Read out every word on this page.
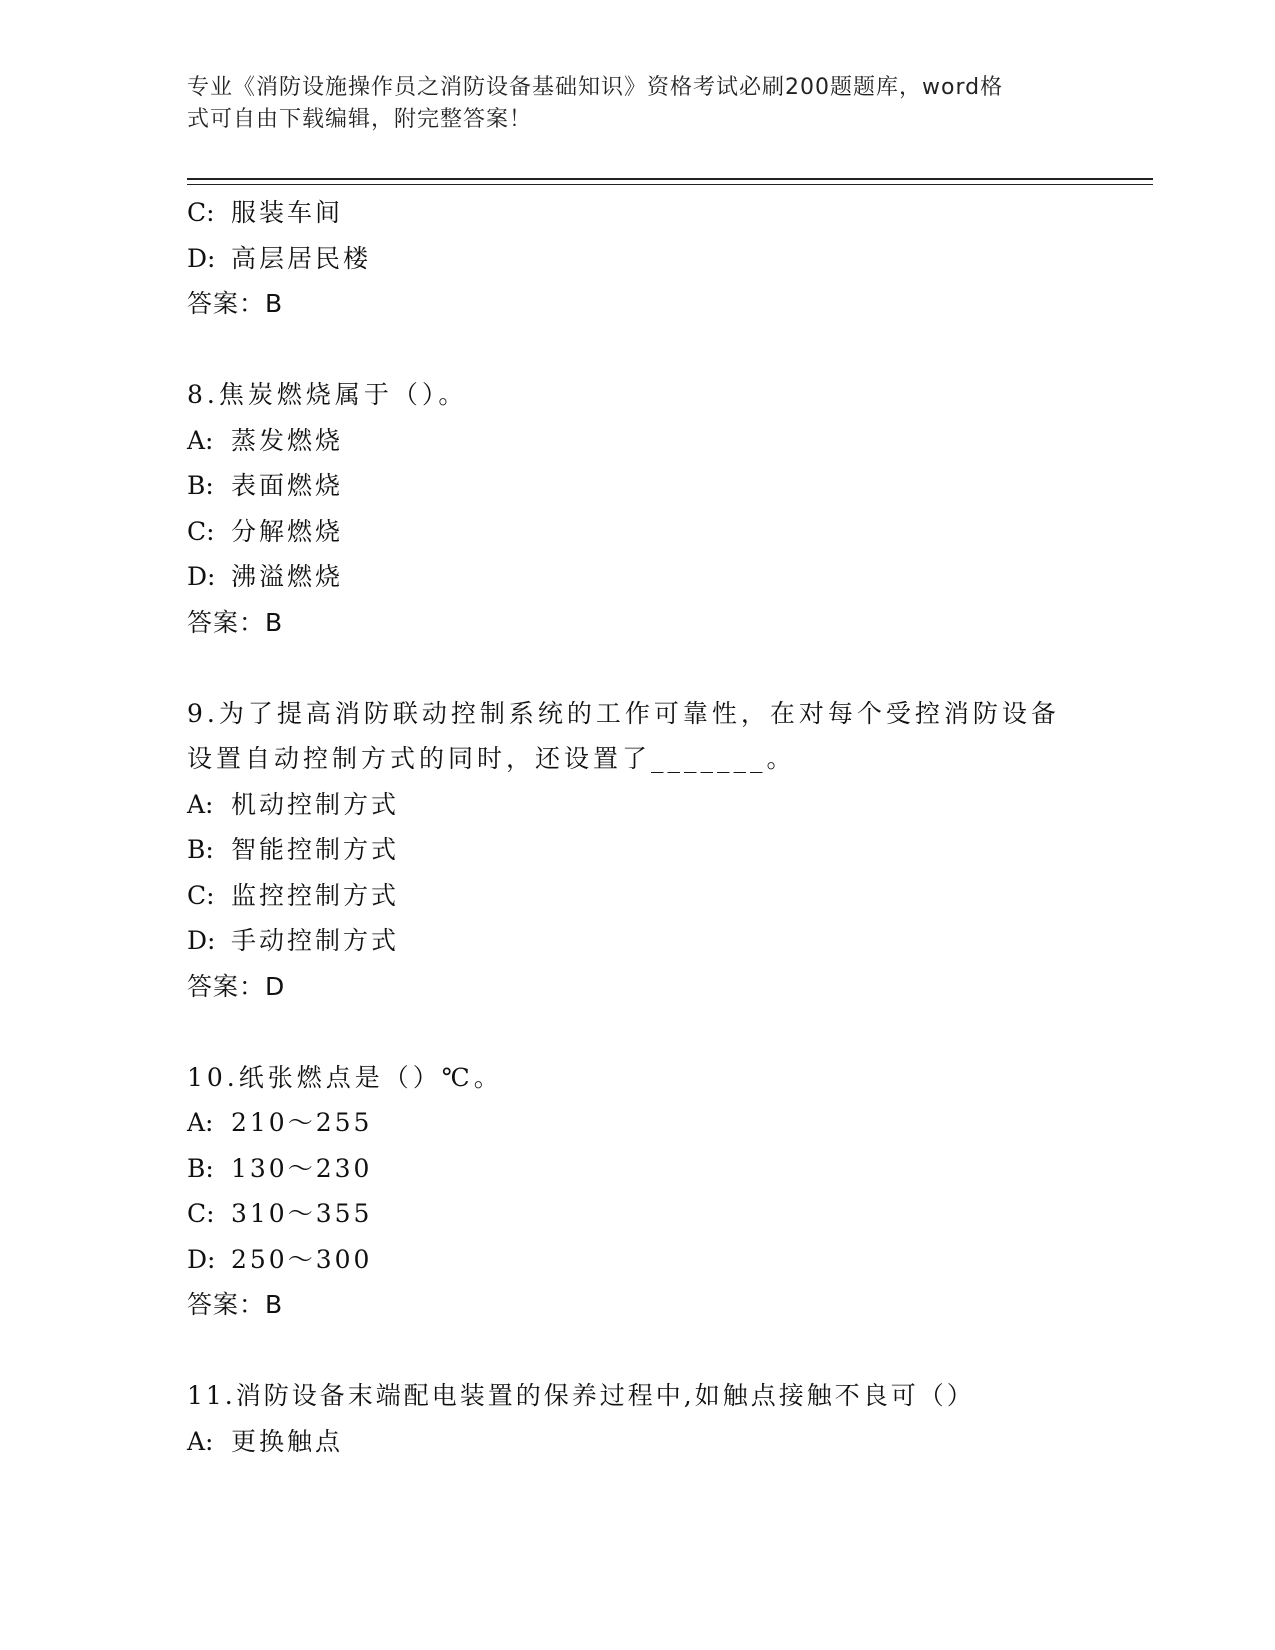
专业《消防设施操作员之消防设备基础知识》资格考试必刷200题题库，word格
式可自由下载编辑，附完整答案！
C: 服装车间
D: 高层居民楼
答案：B
8.焦炭燃烧属于（）。
A: 蒸发燃烧
B: 表面燃烧
C: 分解燃烧
D: 沸溢燃烧
答案：B
9.为了提高消防联动控制系统的工作可靠性，在对每个受控消防设备
设置自动控制方式的同时，还设置了_______。
A: 机动控制方式
B: 智能控制方式
C: 监控控制方式
D: 手动控制方式
答案：D
10.纸张燃点是（）℃。
A: 210～255
B: 130～230
C: 310～355
D: 250～300
答案：B
11.消防设备末端配电装置的保养过程中,如触点接触不良可（）
A: 更换触点
